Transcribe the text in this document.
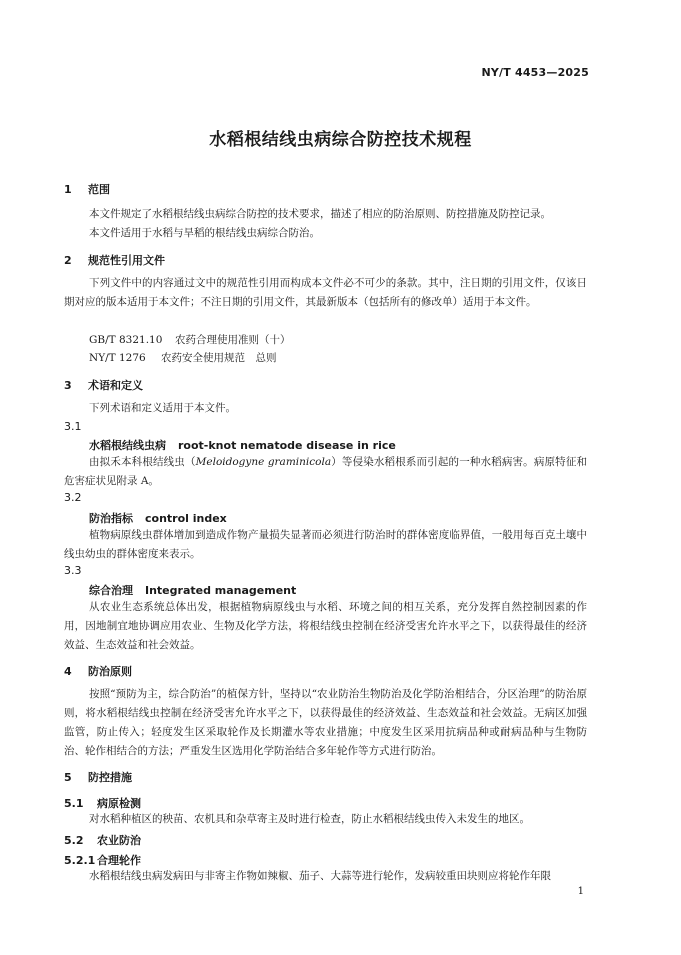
NY/T 4453—2025
水稻根结线虫病综合防控技术规程
1 范围

本文件规定了水稻根结线虫病综合防控的技术要求，描述了相应的防治原则、防控措施及防控记录。

本文件适用于水稻与旱稻的根结线虫病综合防治。

2 规范性引用文件

下列文件中的内容通过文中的规范性引用而构成本文件必不可少的条款。其中，注日期的引用文件，仅该日期对应的版本适用于本文件；不注日期的引用文件，其最新版本（包括所有的修改单）适用于本文件。

GB/T 8321.10 农药合理使用准则（十）
NY/T 1276 农药安全使用规范　总则
3 术语和定义

下列术语和定义适用于本文件。

3.1
水稻根结线虫病 root-knot nematode disease in rice

由拟禾本科根结线虫（Meloidogyne graminicola）等侵染水稻根系而引起的一种水稻病害。病原特征和危害症状见附录 A。

3.2
防治指标 control index

植物病原线虫群体增加到造成作物产量损失显著而必须进行防治时的群体密度临界值，一般用每百克土壤中线虫幼虫的群体密度来表示。

3.3
综合治理 Integrated management

从农业生态系统总体出发，根据植物病原线虫与水稻、环境之间的相互关系，充分发挥自然控制因素的作用，因地制宜地协调应用农业、生物及化学方法，将根结线虫控制在经济受害允许水平之下，以获得最佳的经济效益、生态效益和社会效益。

4 防治原则

按照“预防为主，综合防治”的植保方针，坚持以“农业防治生物防治及化学防治相结合，分区治理”的防治原则，将水稻根结线虫控制在经济受害允许水平之下，以获得最佳的经济效益、生态效益和社会效益。无病区加强监管，防止传入；轻度发生区采取轮作及长期灌水等农业措施；中度发生区采用抗病品种或耐病品种与生物防治、轮作相结合的方法；严重发生区选用化学防治结合多年轮作等方式进行防治。

5 防控措施
5.1 病原检测

对水稻种植区的秧苗、农机具和杂草寄主及时进行检查，防止水稻根结线虫传入未发生的地区。

5.2 农业防治
5.2.1 合理轮作

水稻根结线虫病发病田与非寄主作物如辣椒、茄子、大蒜等进行轮作，发病较重田块则应将轮作年限

1
